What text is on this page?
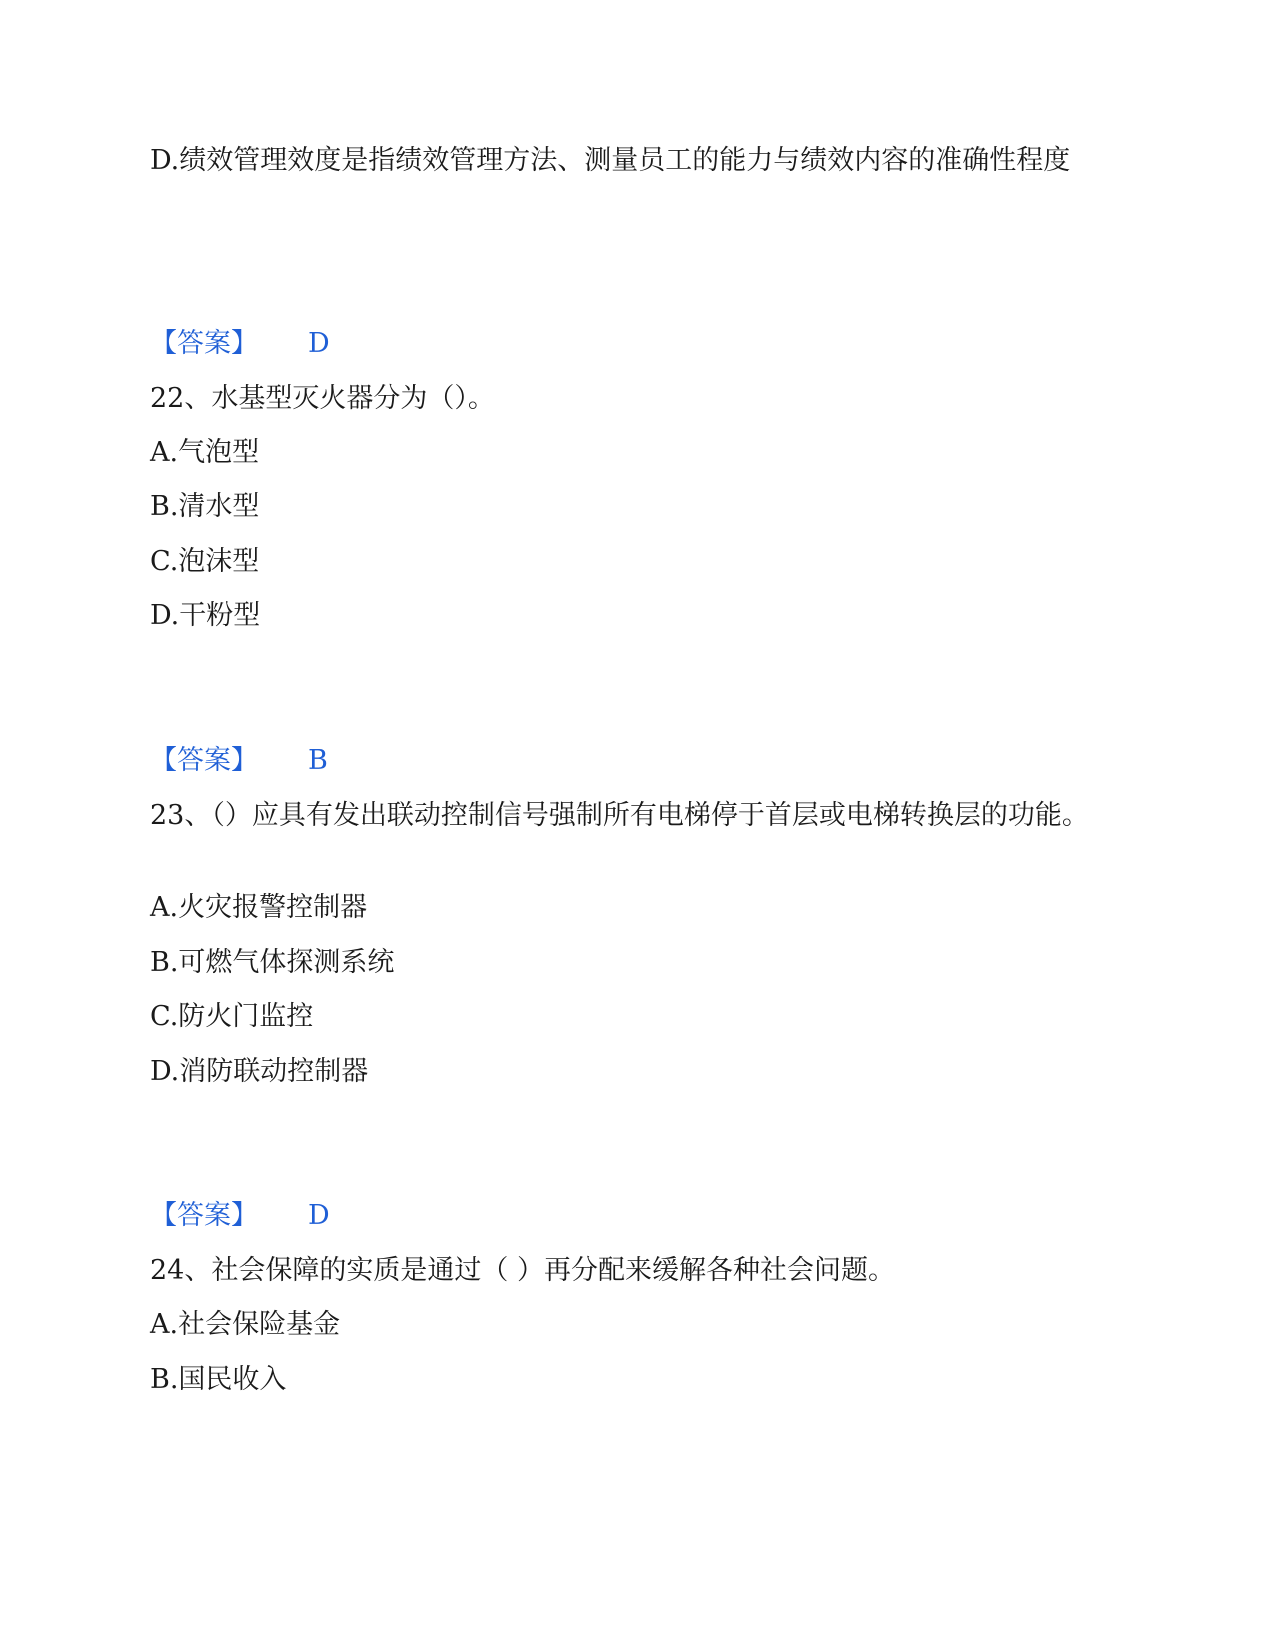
D.绩效管理效度是指绩效管理方法、测量员工的能力与绩效内容的准确性程度
【答案】 D
22、水基型灭火器分为（）。
A.气泡型
B.清水型
C.泡沫型
D.干粉型
【答案】 B
23、（）应具有发出联动控制信号强制所有电梯停于首层或电梯转换层的功能。
A.火灾报警控制器
B.可燃气体探测系统
C.防火门监控
D.消防联动控制器
【答案】 D
24、社会保障的实质是通过（ ）再分配来缓解各种社会问题。
A.社会保险基金
B.国民收入
